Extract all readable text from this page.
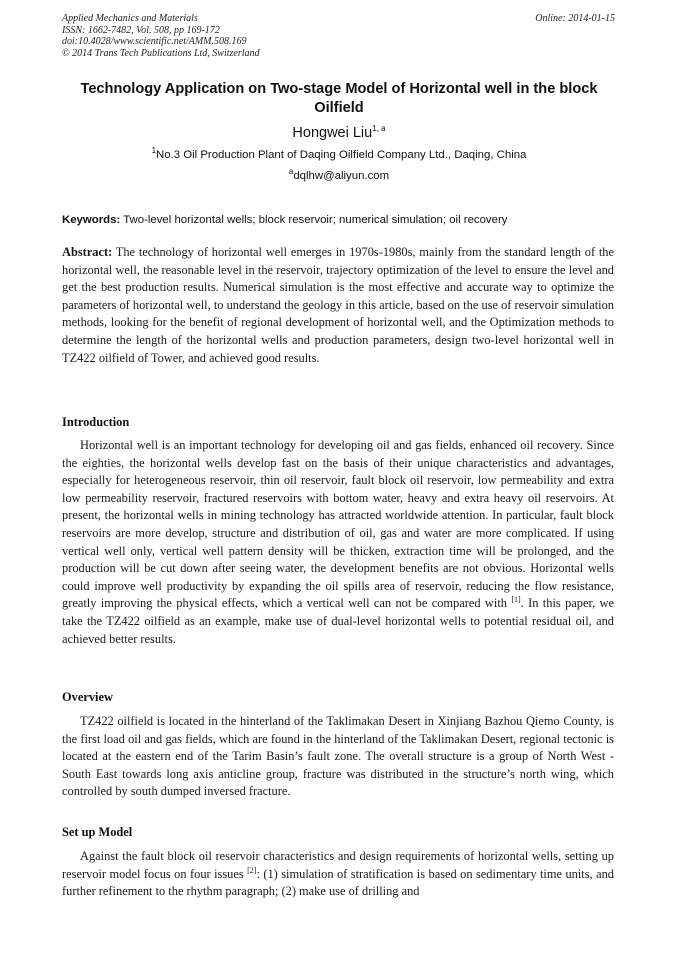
Applied Mechanics and Materials
ISSN: 1662-7482, Vol. 508, pp 169-172
doi:10.4028/www.scientific.net/AMM.508.169
© 2014 Trans Tech Publications Ltd, Switzerland
Online: 2014-01-15
Technology Application on Two-stage Model of Horizontal well in the block Oilfield
Hongwei Liu$^{1, a}$
$^1$No.3 Oil Production Plant of Daqing Oilfield Company Ltd., Daqing, China
$^a$dqlhw@aliyun.com
Keywords: Two-level horizontal wells; block reservoir; numerical simulation; oil recovery
Abstract: The technology of horizontal well emerges in 1970s-1980s, mainly from the standard length of the horizontal well, the reasonable level in the reservoir, trajectory optimization of the level to ensure the level and get the best production results. Numerical simulation is the most effective and accurate way to optimize the parameters of horizontal well, to understand the geology in this article, based on the use of reservoir simulation methods, looking for the benefit of regional development of horizontal well, and the Optimization methods to determine the length of the horizontal wells and production parameters, design two-level horizontal well in TZ422 oilfield of Tower, and achieved good results.
Introduction
Horizontal well is an important technology for developing oil and gas fields, enhanced oil recovery. Since the eighties, the horizontal wells develop fast on the basis of their unique characteristics and advantages, especially for heterogeneous reservoir, thin oil reservoir, fault block oil reservoir, low permeability and extra low permeability reservoir, fractured reservoirs with bottom water, heavy and extra heavy oil reservoirs. At present, the horizontal wells in mining technology has attracted worldwide attention. In particular, fault block reservoirs are more develop, structure and distribution of oil, gas and water are more complicated. If using vertical well only, vertical well pattern density will be thicken, extraction time will be prolonged, and the production will be cut down after seeing water, the development benefits are not obvious. Horizontal wells could improve well productivity by expanding the oil spills area of reservoir, reducing the flow resistance, greatly improving the physical effects, which a vertical well can not be compared with [1]. In this paper, we take the TZ422 oilfield as an example, make use of dual-level horizontal wells to potential residual oil, and achieved better results.
Overview
TZ422 oilfield is located in the hinterland of the Taklimakan Desert in Xinjiang Bazhou Qiemo County, is the first load oil and gas fields, which are found in the hinterland of the Taklimakan Desert, regional tectonic is located at the eastern end of the Tarim Basin’s fault zone. The overall structure is a group of North West - South East towards long axis anticline group, fracture was distributed in the structure’s north wing, which controlled by south dumped inversed fracture.
Set up Model
Against the fault block oil reservoir characteristics and design requirements of horizontal wells, setting up reservoir model focus on four issues [2]: (1) simulation of stratification is based on sedimentary time units, and further refinement to the rhythm paragraph; (2) make use of drilling and
